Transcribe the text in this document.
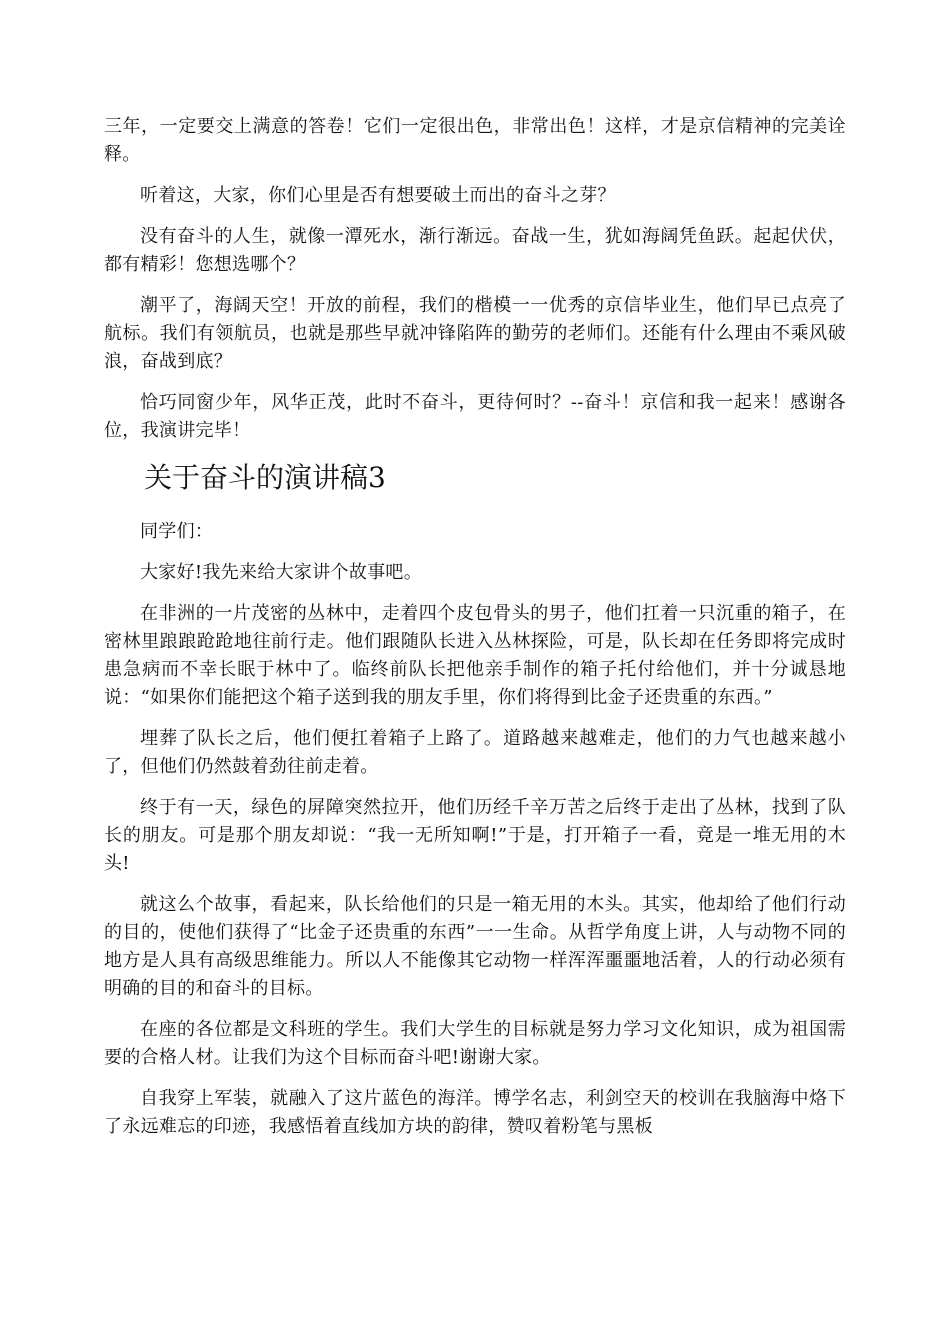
三年，一定要交上满意的答卷！它们一定很出色，非常出色！这样，才是京信精神的完美诠释。

听着这，大家，你们心里是否有想要破土而出的奋斗之芽？

没有奋斗的人生，就像一潭死水，渐行渐远。奋战一生，犹如海阔凭鱼跃。起起伏伏，都有精彩！您想选哪个？

潮平了，海阔天空！开放的前程，我们的楷模一一优秀的京信毕业生，他们早已点亮了航标。我们有领航员，也就是那些早就冲锋陷阵的勤劳的老师们。还能有什么理由不乘风破浪，奋战到底？

恰巧同窗少年，风华正茂，此时不奋斗，更待何时？--奋斗！京信和我一起来！感谢各位，我演讲完毕！

关于奋斗的演讲稿3

同学们：

大家好!我先来给大家讲个故事吧。

在非洲的一片茂密的丛林中，走着四个皮包骨头的男子，他们扛着一只沉重的箱子，在密林里踉踉跄跄地往前行走。他们跟随队长进入丛林探险，可是，队长却在任务即将完成时患急病而不幸长眠于林中了。临终前队长把他亲手制作的箱子托付给他们，并十分诚恳地说：“如果你们能把这个箱子送到我的朋友手里，你们将得到比金子还贵重的东西。”

埋葬了队长之后，他们便扛着箱子上路了。道路越来越难走，他们的力气也越来越小了，但他们仍然鼓着劲往前走着。

终于有一天，绿色的屏障突然拉开，他们历经千辛万苦之后终于走出了丛林，找到了队长的朋友。可是那个朋友却说：“我一无所知啊!”于是，打开箱子一看，竟是一堆无用的木头!

就这么个故事，看起来，队长给他们的只是一箱无用的木头。其实，他却给了他们行动的目的，使他们获得了“比金子还贵重的东西”一一生命。从哲学角度上讲，人与动物不同的地方是人具有高级思维能力。所以人不能像其它动物一样浑浑噩噩地活着，人的行动必须有明确的目的和奋斗的目标。

在座的各位都是文科班的学生。我们大学生的目标就是努力学习文化知识，成为祖国需要的合格人材。让我们为这个目标而奋斗吧!谢谢大家。

自我穿上军装，就融入了这片蓝色的海洋。博学名志，利剑空天的校训在我脑海中烙下了永远难忘的印迹，我感悟着直线加方块的韵律，赞叹着粉笔与黑板
